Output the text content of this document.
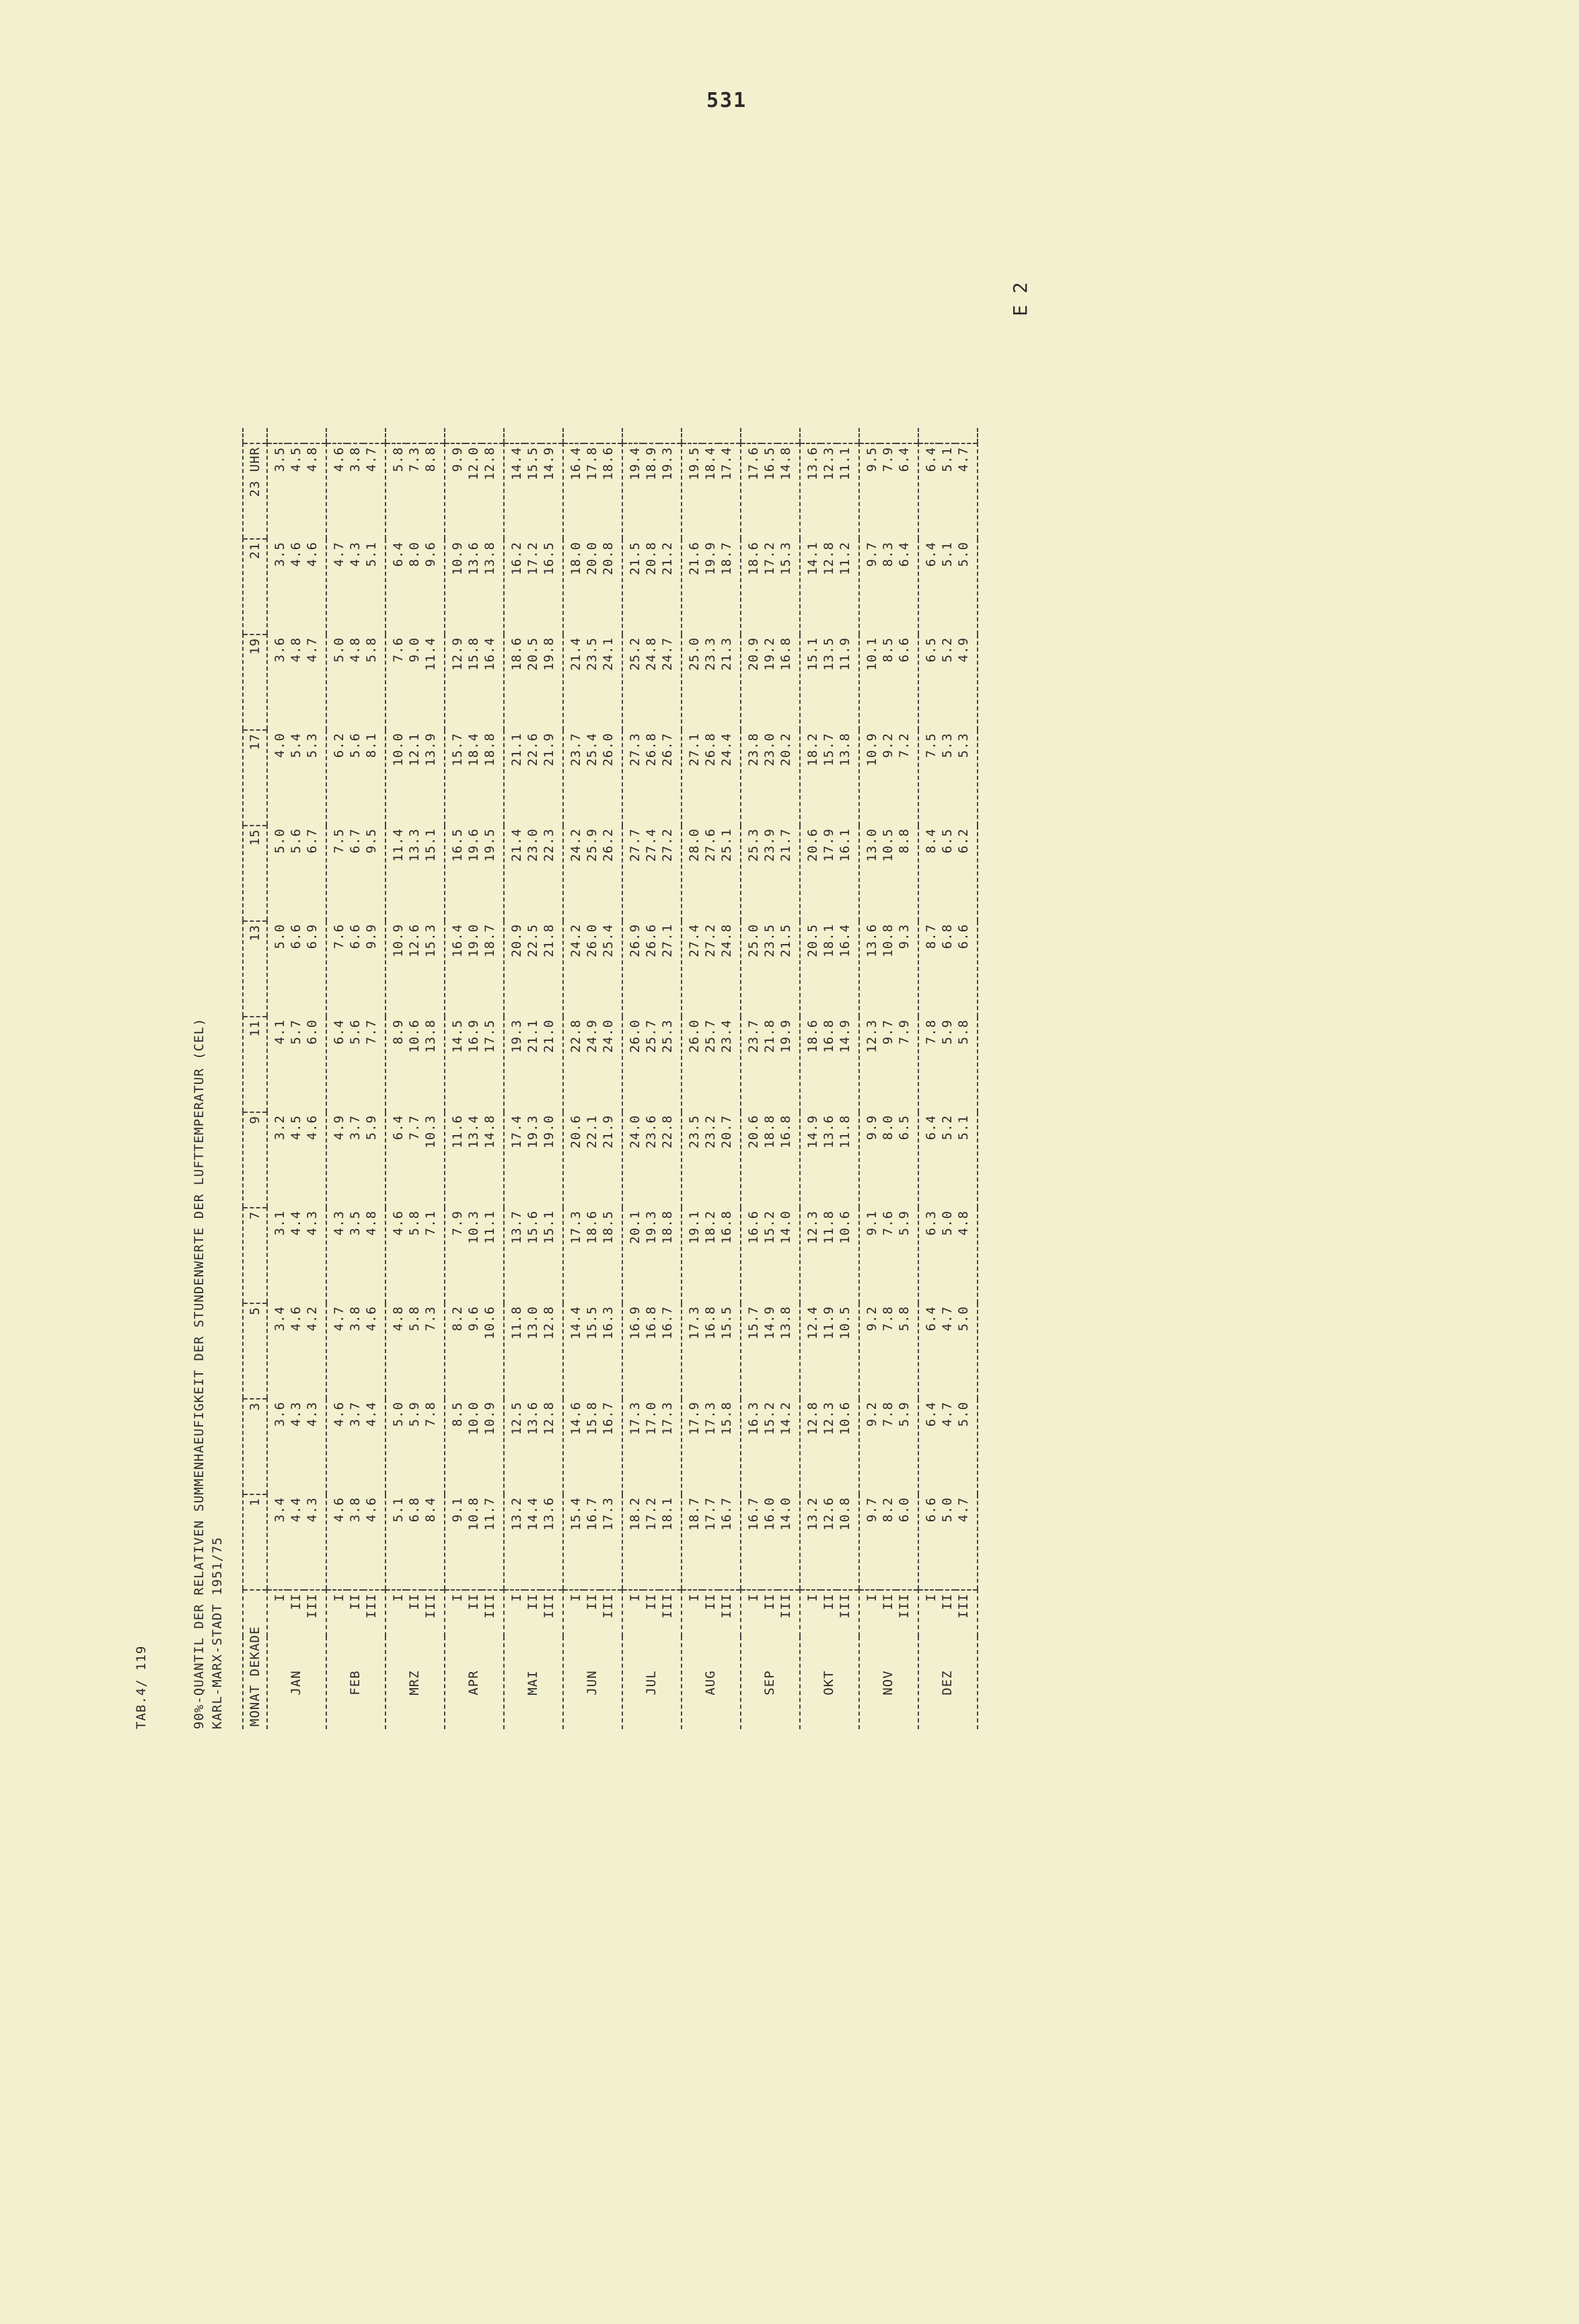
531
E 2
TAB.4/ 119	90%-QUANTIL DER RELATIVEN SUMMENHAEUFIGKEIT DER STUNDENWERTE DER LUFTTEMPERATUR (CEL) KARL-MARX-STADT 1951/75 MONAT DEKADE		1	3	5	7	9	11	13	15	17	19	21	23 UHR	
	I	3.4	3.6	3.4	3.1	3.2	4.1	5.0	5.0	4.0	3.6	3.5	3.5	
JAN	II	4.4	4.3	4.6	4.4	4.5	5.7	6.6	5.6	5.4	4.8	4.6	4.5	
	III	4.3	4.3	4.2	4.3	4.6	6.0	6.9	6.7	5.3	4.7	4.6	4.8	
	I	4.6	4.6	4.7	4.3	4.9	6.4	7.6	7.5	6.2	5.0	4.7	4.6	
FEB	II	3.8	3.7	3.8	3.5	3.7	5.6	6.6	6.7	5.6	4.8	4.3	3.8	
	III	4.6	4.4	4.6	4.8	5.9	7.7	9.9	9.5	8.1	5.8	5.1	4.7	
	I	5.1	5.0	4.8	4.6	6.4	8.9	10.9	11.4	10.0	7.6	6.4	5.8	
MRZ	II	6.8	5.9	5.8	5.8	7.7	10.6	12.6	13.3	12.1	9.0	8.0	7.3	
	III	8.4	7.8	7.3	7.1	10.3	13.8	15.3	15.1	13.9	11.4	9.6	8.8	
	I	9.1	8.5	8.2	7.9	11.6	14.5	16.4	16.5	15.7	12.9	10.9	9.9	
APR	II	10.8	10.0	9.6	10.3	13.4	16.9	19.0	19.6	18.4	15.8	13.6	12.0	
	III	11.7	10.9	10.6	11.1	14.8	17.5	18.7	19.5	18.8	16.4	13.8	12.8	
	I	13.2	12.5	11.8	13.7	17.4	19.3	20.9	21.4	21.1	18.6	16.2	14.4	
MAI	II	14.4	13.6	13.0	15.6	19.3	21.1	22.5	23.0	22.6	20.5	17.2	15.5	
	III	13.6	12.8	12.8	15.1	19.0	21.0	21.8	22.3	21.9	19.8	16.5	14.9	
	I	15.4	14.6	14.4	17.3	20.6	22.8	24.2	24.2	23.7	21.4	18.0	16.4	
JUN	II	16.7	15.8	15.5	18.6	22.1	24.9	26.0	25.9	25.4	23.5	20.0	17.8	
	III	17.3	16.7	16.3	18.5	21.9	24.0	25.4	26.2	26.0	24.1	20.8	18.6	
	I	18.2	17.3	16.9	20.1	24.0	26.0	26.9	27.7	27.3	25.2	21.5	19.4	
JUL	II	17.2	17.0	16.8	19.3	23.6	25.7	26.6	27.4	26.8	24.8	20.8	18.9	
	III	18.1	17.3	16.7	18.8	22.8	25.3	27.1	27.2	26.7	24.7	21.2	19.3	
	I	18.7	17.9	17.3	19.1	23.5	26.0	27.4	28.0	27.1	25.0	21.6	19.5	
AUG	II	17.7	17.3	16.8	18.2	23.2	25.7	27.2	27.6	26.8	23.3	19.9	18.4	
	III	16.7	15.8	15.5	16.8	20.7	23.4	24.8	25.1	24.4	21.3	18.7	17.4	
	I	16.7	16.3	15.7	16.6	20.6	23.7	25.0	25.3	23.8	20.9	18.6	17.6	
SEP	II	16.0	15.2	14.9	15.2	18.8	21.8	23.5	23.9	23.0	19.2	17.2	16.5	
	III	14.0	14.2	13.8	14.0	16.8	19.9	21.5	21.7	20.2	16.8	15.3	14.8	
	I	13.2	12.8	12.4	12.3	14.9	18.6	20.5	20.6	18.2	15.1	14.1	13.6	
OKT	II	12.6	12.3	11.9	11.8	13.6	16.8	18.1	17.9	15.7	13.5	12.8	12.3	
	III	10.8	10.6	10.5	10.6	11.8	14.9	16.4	16.1	13.8	11.9	11.2	11.1	
	I	9.7	9.2	9.2	9.1	9.9	12.3	13.6	13.0	10.9	10.1	9.7	9.5	
NOV	II	8.2	7.8	7.8	7.6	8.0	9.7	10.8	10.5	9.2	8.5	8.3	7.9	
	III	6.0	5.9	5.8	5.9	6.5	7.9	9.3	8.8	7.2	6.6	6.4	6.4	
	I	6.6	6.4	6.4	6.3	6.4	7.8	8.7	8.4	7.5	6.5	6.4	6.4	
DEZ	II	5.0	4.7	4.7	5.0	5.2	5.9	6.8	6.5	5.3	5.2	5.1	5.1	
	III	4.7	5.0	5.0	4.8	5.1	5.8	6.6	6.2	5.3	4.9	5.0	4.7	
